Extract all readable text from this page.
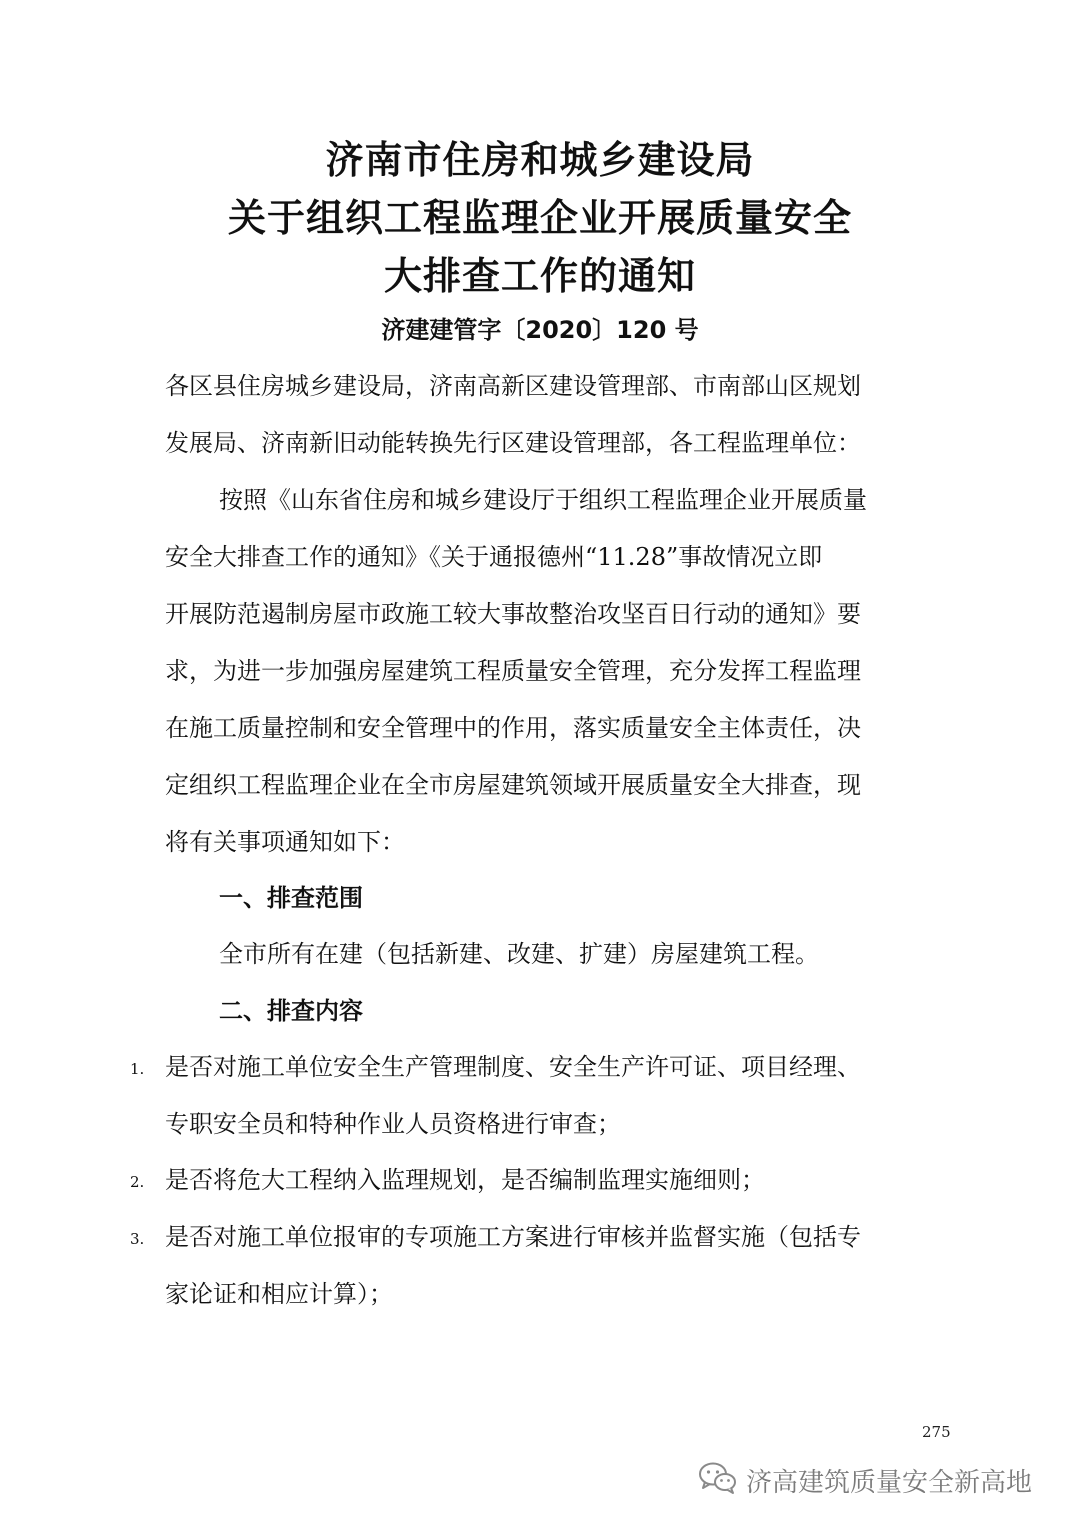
济南市住房和城乡建设局
关于组织工程监理企业开展质量安全
大排查工作的通知
济建建管字〔2020〕120 号
各区县住房城乡建设局，济南高新区建设管理部、市南部山区规划
发展局、济南新旧动能转换先行区建设管理部，各工程监理单位：
按照《山东省住房和城乡建设厅于组织工程监理企业开展质量
安全大排查工作的通知》《关于通报德州“11.28”事故情况立即
开展防范遏制房屋市政施工较大事故整治攻坚百日行动的通知》要
求，为进一步加强房屋建筑工程质量安全管理，充分发挥工程监理
在施工质量控制和安全管理中的作用，落实质量安全主体责任，决
定组织工程监理企业在全市房屋建筑领域开展质量安全大排查，现
将有关事项通知如下：
一、排查范围
全市所有在建（包括新建、改建、扩建）房屋建筑工程。
二、排查内容
1. 是否对施工单位安全生产管理制度、安全生产许可证、项目经理、
专职安全员和特种作业人员资格进行审查；
2. 是否将危大工程纳入监理规划，是否编制监理实施细则；
3. 是否对施工单位报审的专项施工方案进行审核并监督实施（包括专
家论证和相应计算）；
275
济高建筑质量安全新高地
